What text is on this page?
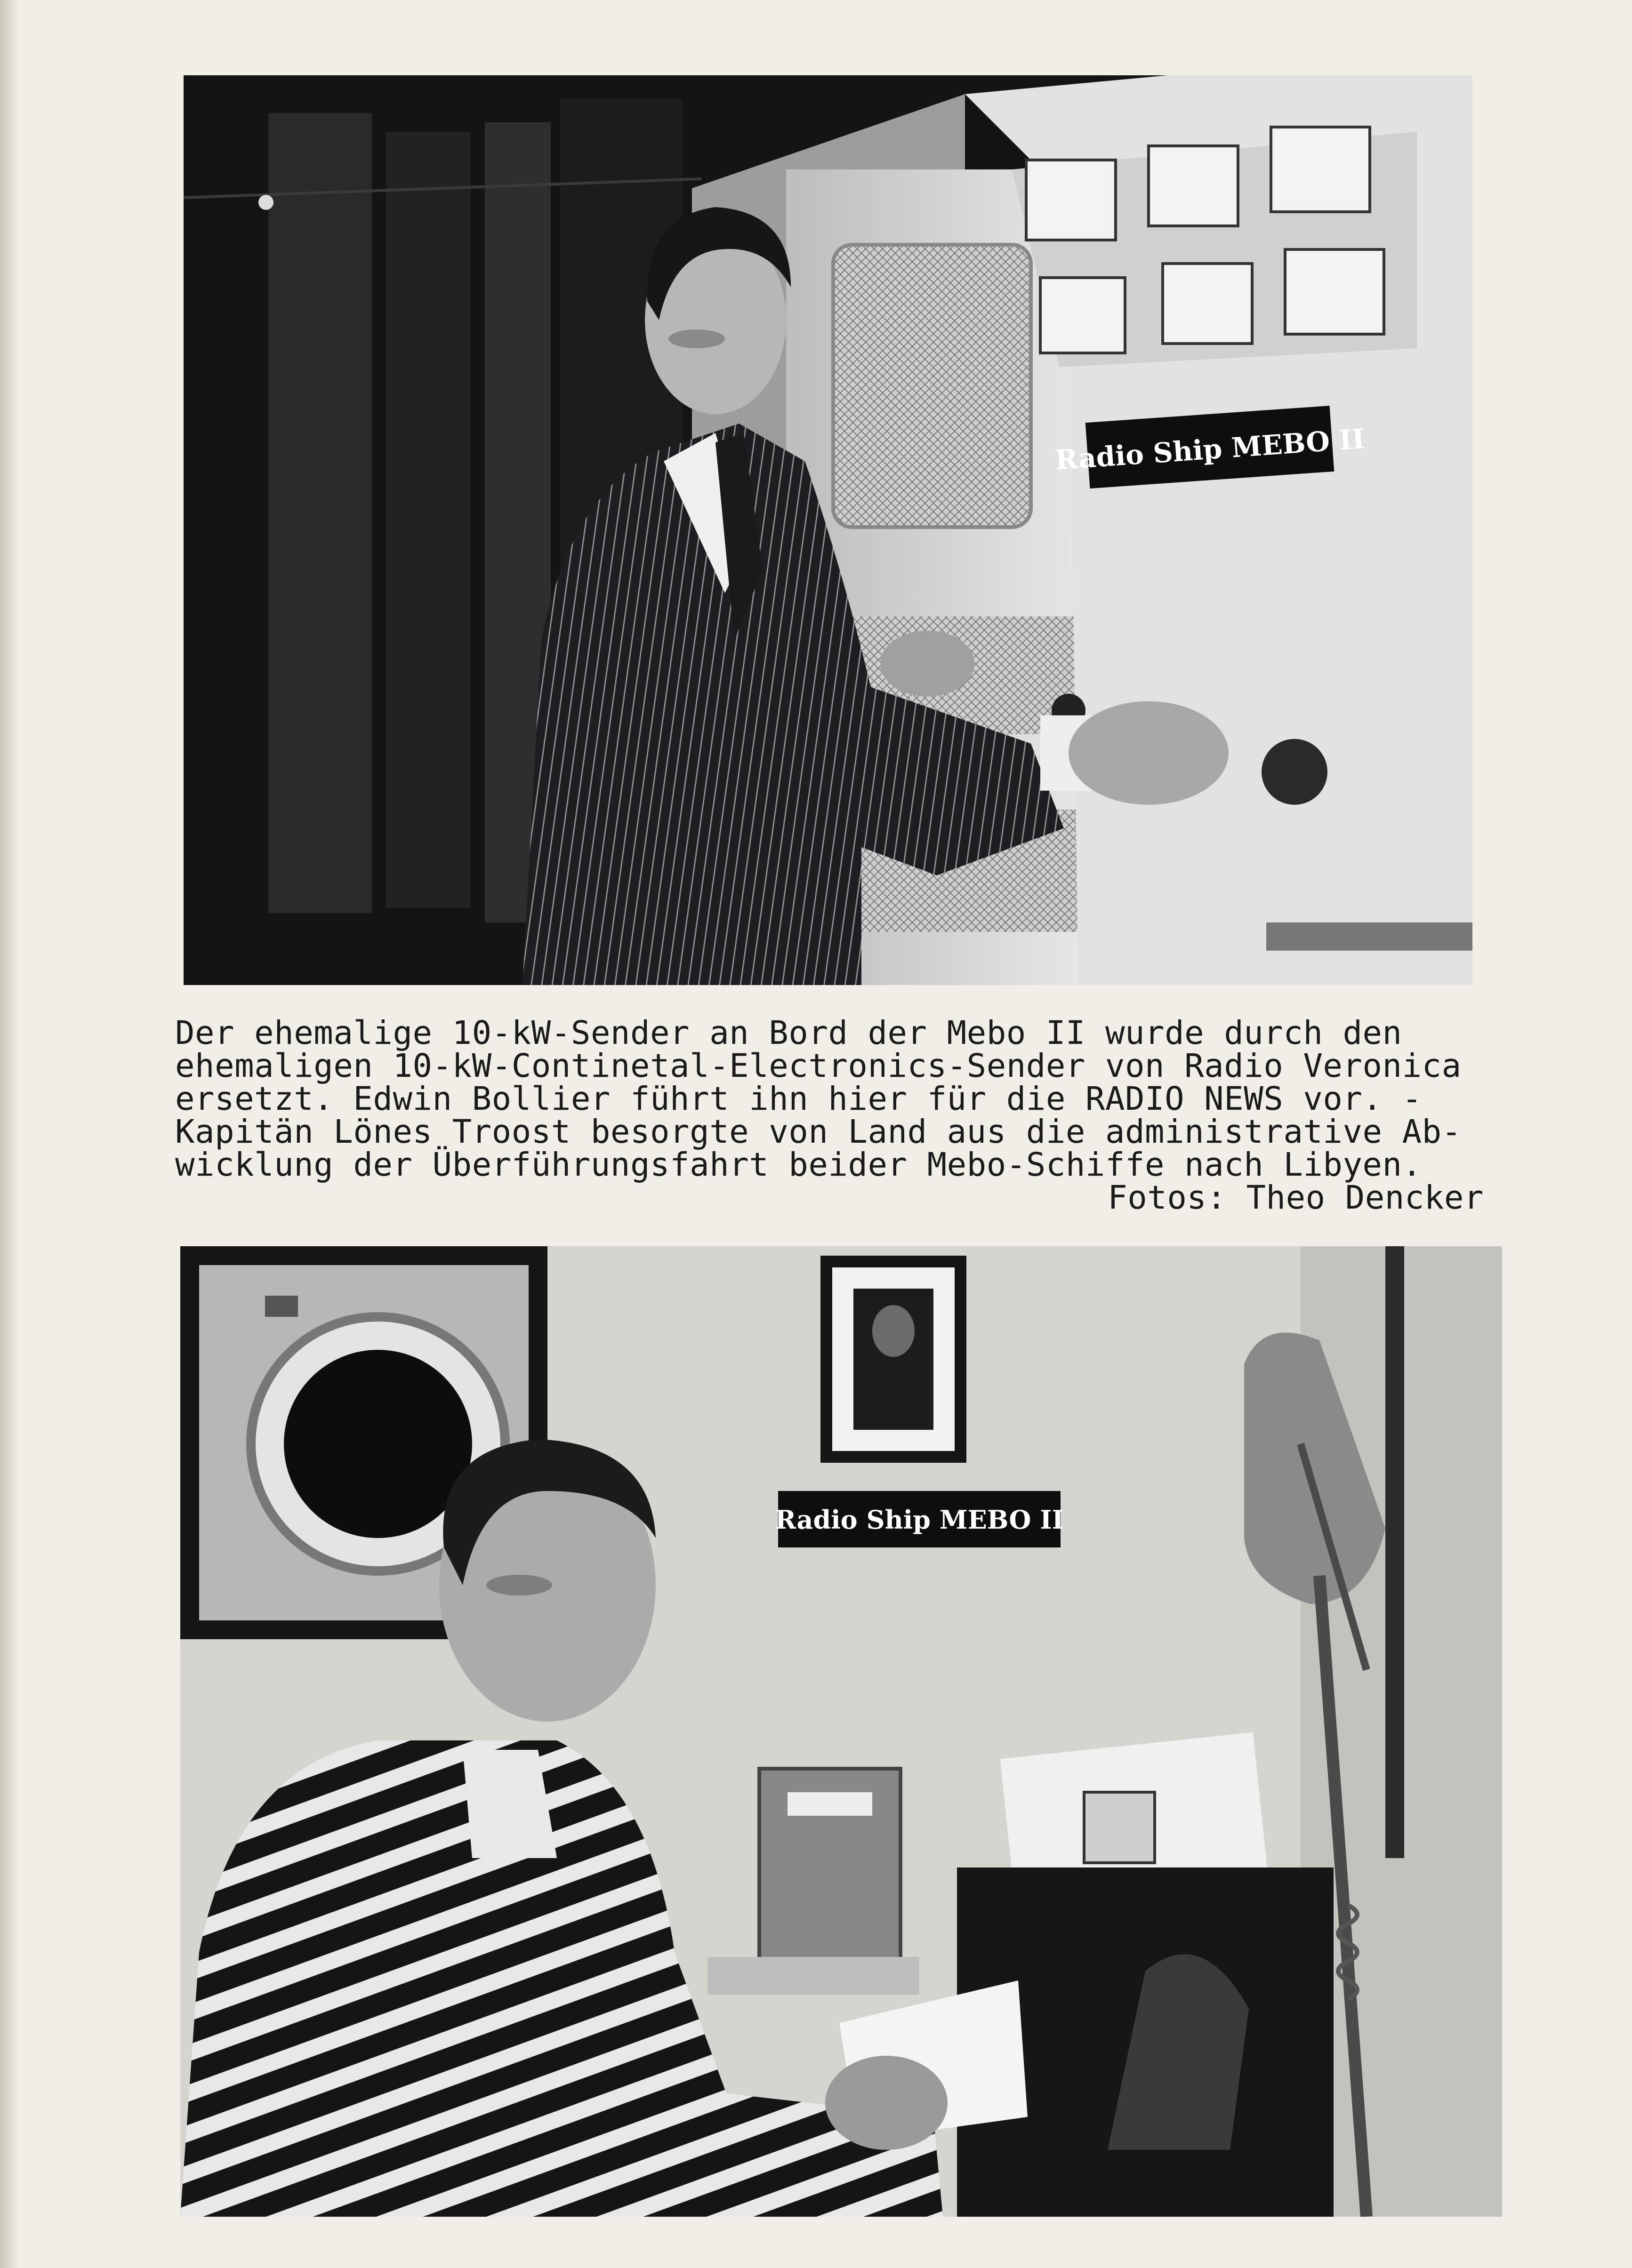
Radio Ship MEBO II
Der ehemalige 10-kW-Sender an Bord der Mebo II wurde durch den
ehemaligen 10-kW-Continetal-Electronics-Sender von Radio Veronica
ersetzt. Edwin Bollier führt ihn hier für die RADIO NEWS vor. -
Kapitän Lönes Troost besorgte von Land aus die administrative Ab-
wicklung der Überführungsfahrt beider Mebo-Schiffe nach Libyen.
Fotos: Theo Dencker
Radio Ship MEBO II
